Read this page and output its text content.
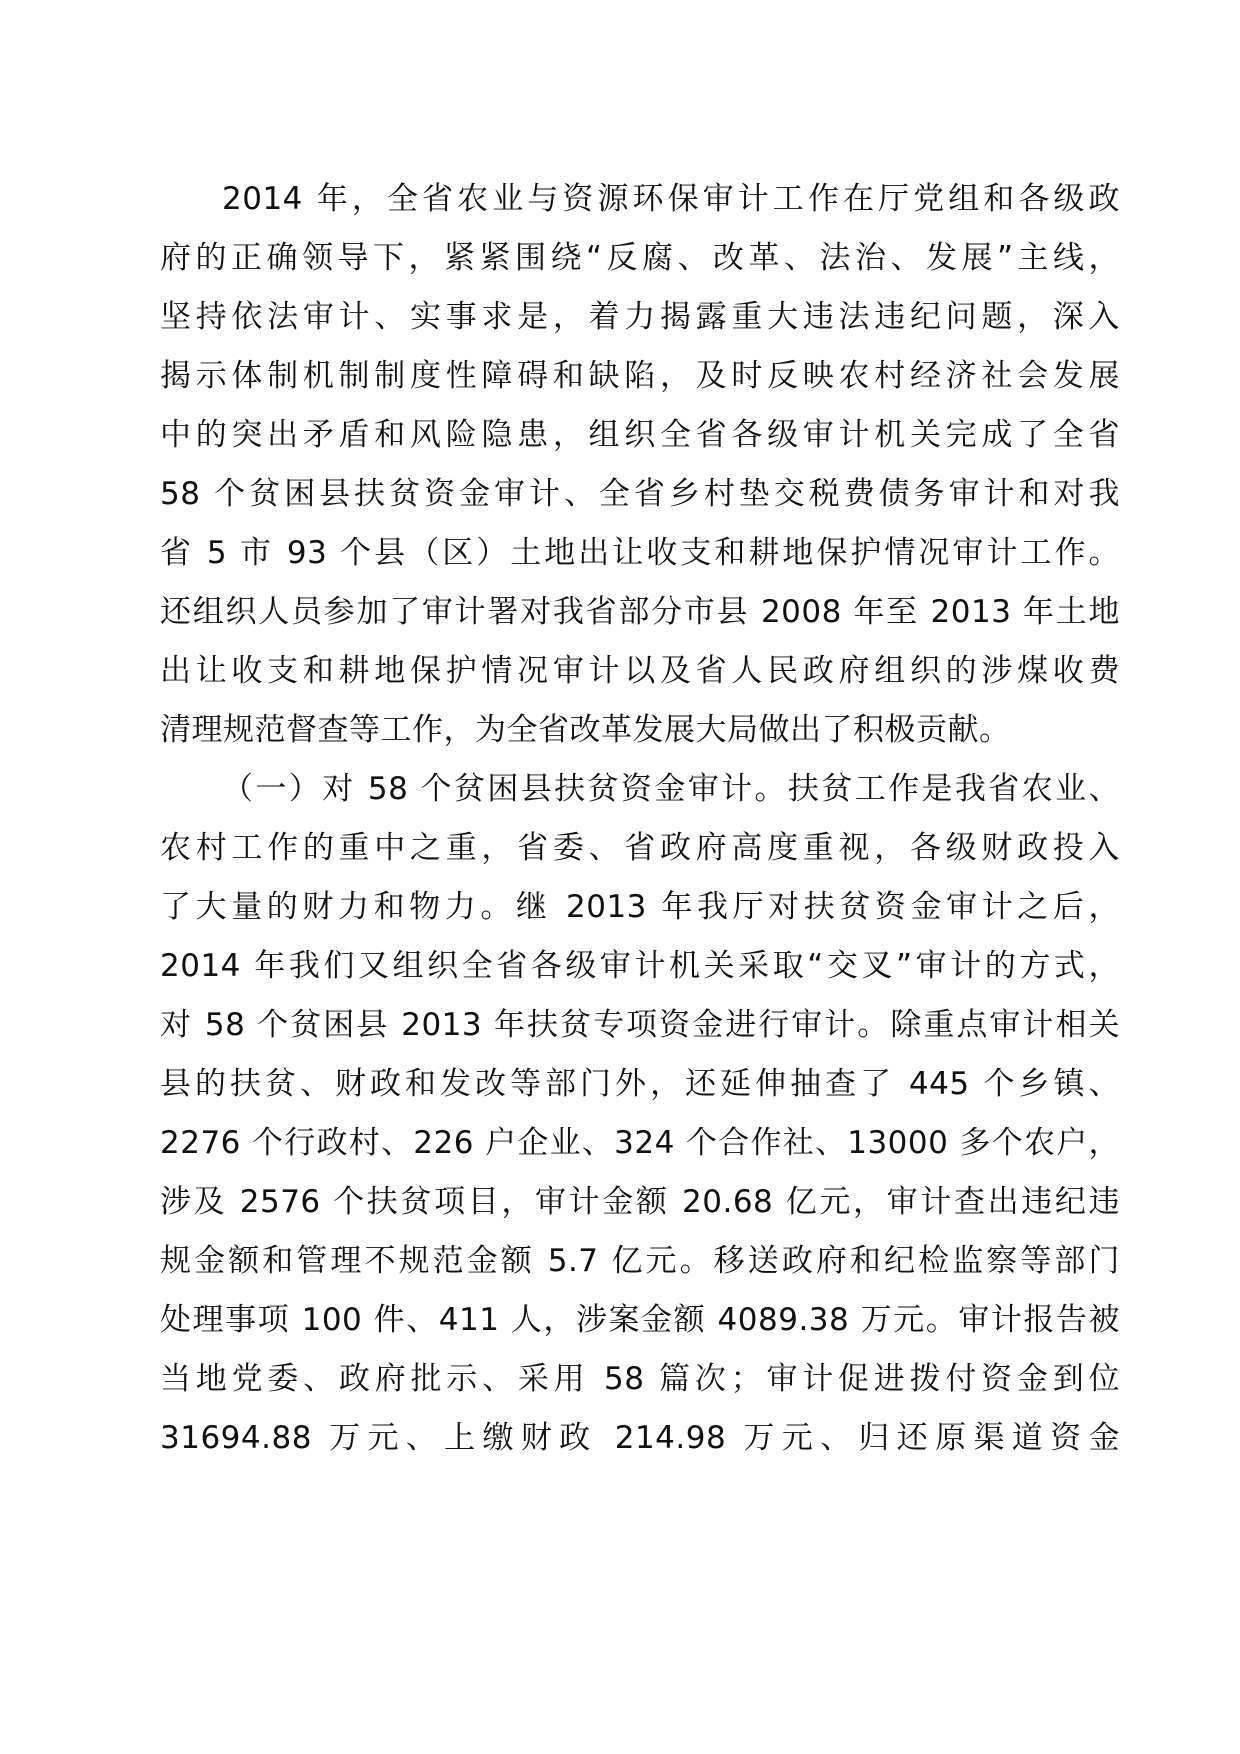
2014 年，全省农业与资源环保审计工作在厅党组和各级政
府的正确领导下，紧紧围绕“反腐、改革、法治、发展”主线，
坚持依法审计、实事求是，着力揭露重大违法违纪问题，深入
揭示体制机制制度性障碍和缺陷，及时反映农村经济社会发展
中的突出矛盾和风险隐患，组织全省各级审计机关完成了全省
58 个贫困县扶贫资金审计、全省乡村垫交税费债务审计和对我
省 5 市 93 个县（区）土地出让收支和耕地保护情况审计工作。
还组织人员参加了审计署对我省部分市县 2008 年至 2013 年土地
出让收支和耕地保护情况审计以及省人民政府组织的涉煤收费
清理规范督查等工作，为全省改革发展大局做出了积极贡献。
（一）对 58 个贫困县扶贫资金审计。扶贫工作是我省农业、
农村工作的重中之重，省委、省政府高度重视，各级财政投入
了大量的财力和物力。继 2013 年我厅对扶贫资金审计之后，
2014 年我们又组织全省各级审计机关采取“交叉”审计的方式，
对 58 个贫困县 2013 年扶贫专项资金进行审计。除重点审计相关
县的扶贫、财政和发改等部门外，还延伸抽查了 445 个乡镇、
2276 个行政村、226 户企业、324 个合作社、13000 多个农户，
涉及 2576 个扶贫项目，审计金额 20.68 亿元，审计查出违纪违
规金额和管理不规范金额 5.7 亿元。移送政府和纪检监察等部门
处理事项 100 件、411 人，涉案金额 4089.38 万元。审计报告被
当地党委、政府批示、采用 58 篇次；审计促进拨付资金到位
31694.88 万元、上缴财政 214.98 万元、归还原渠道资金
